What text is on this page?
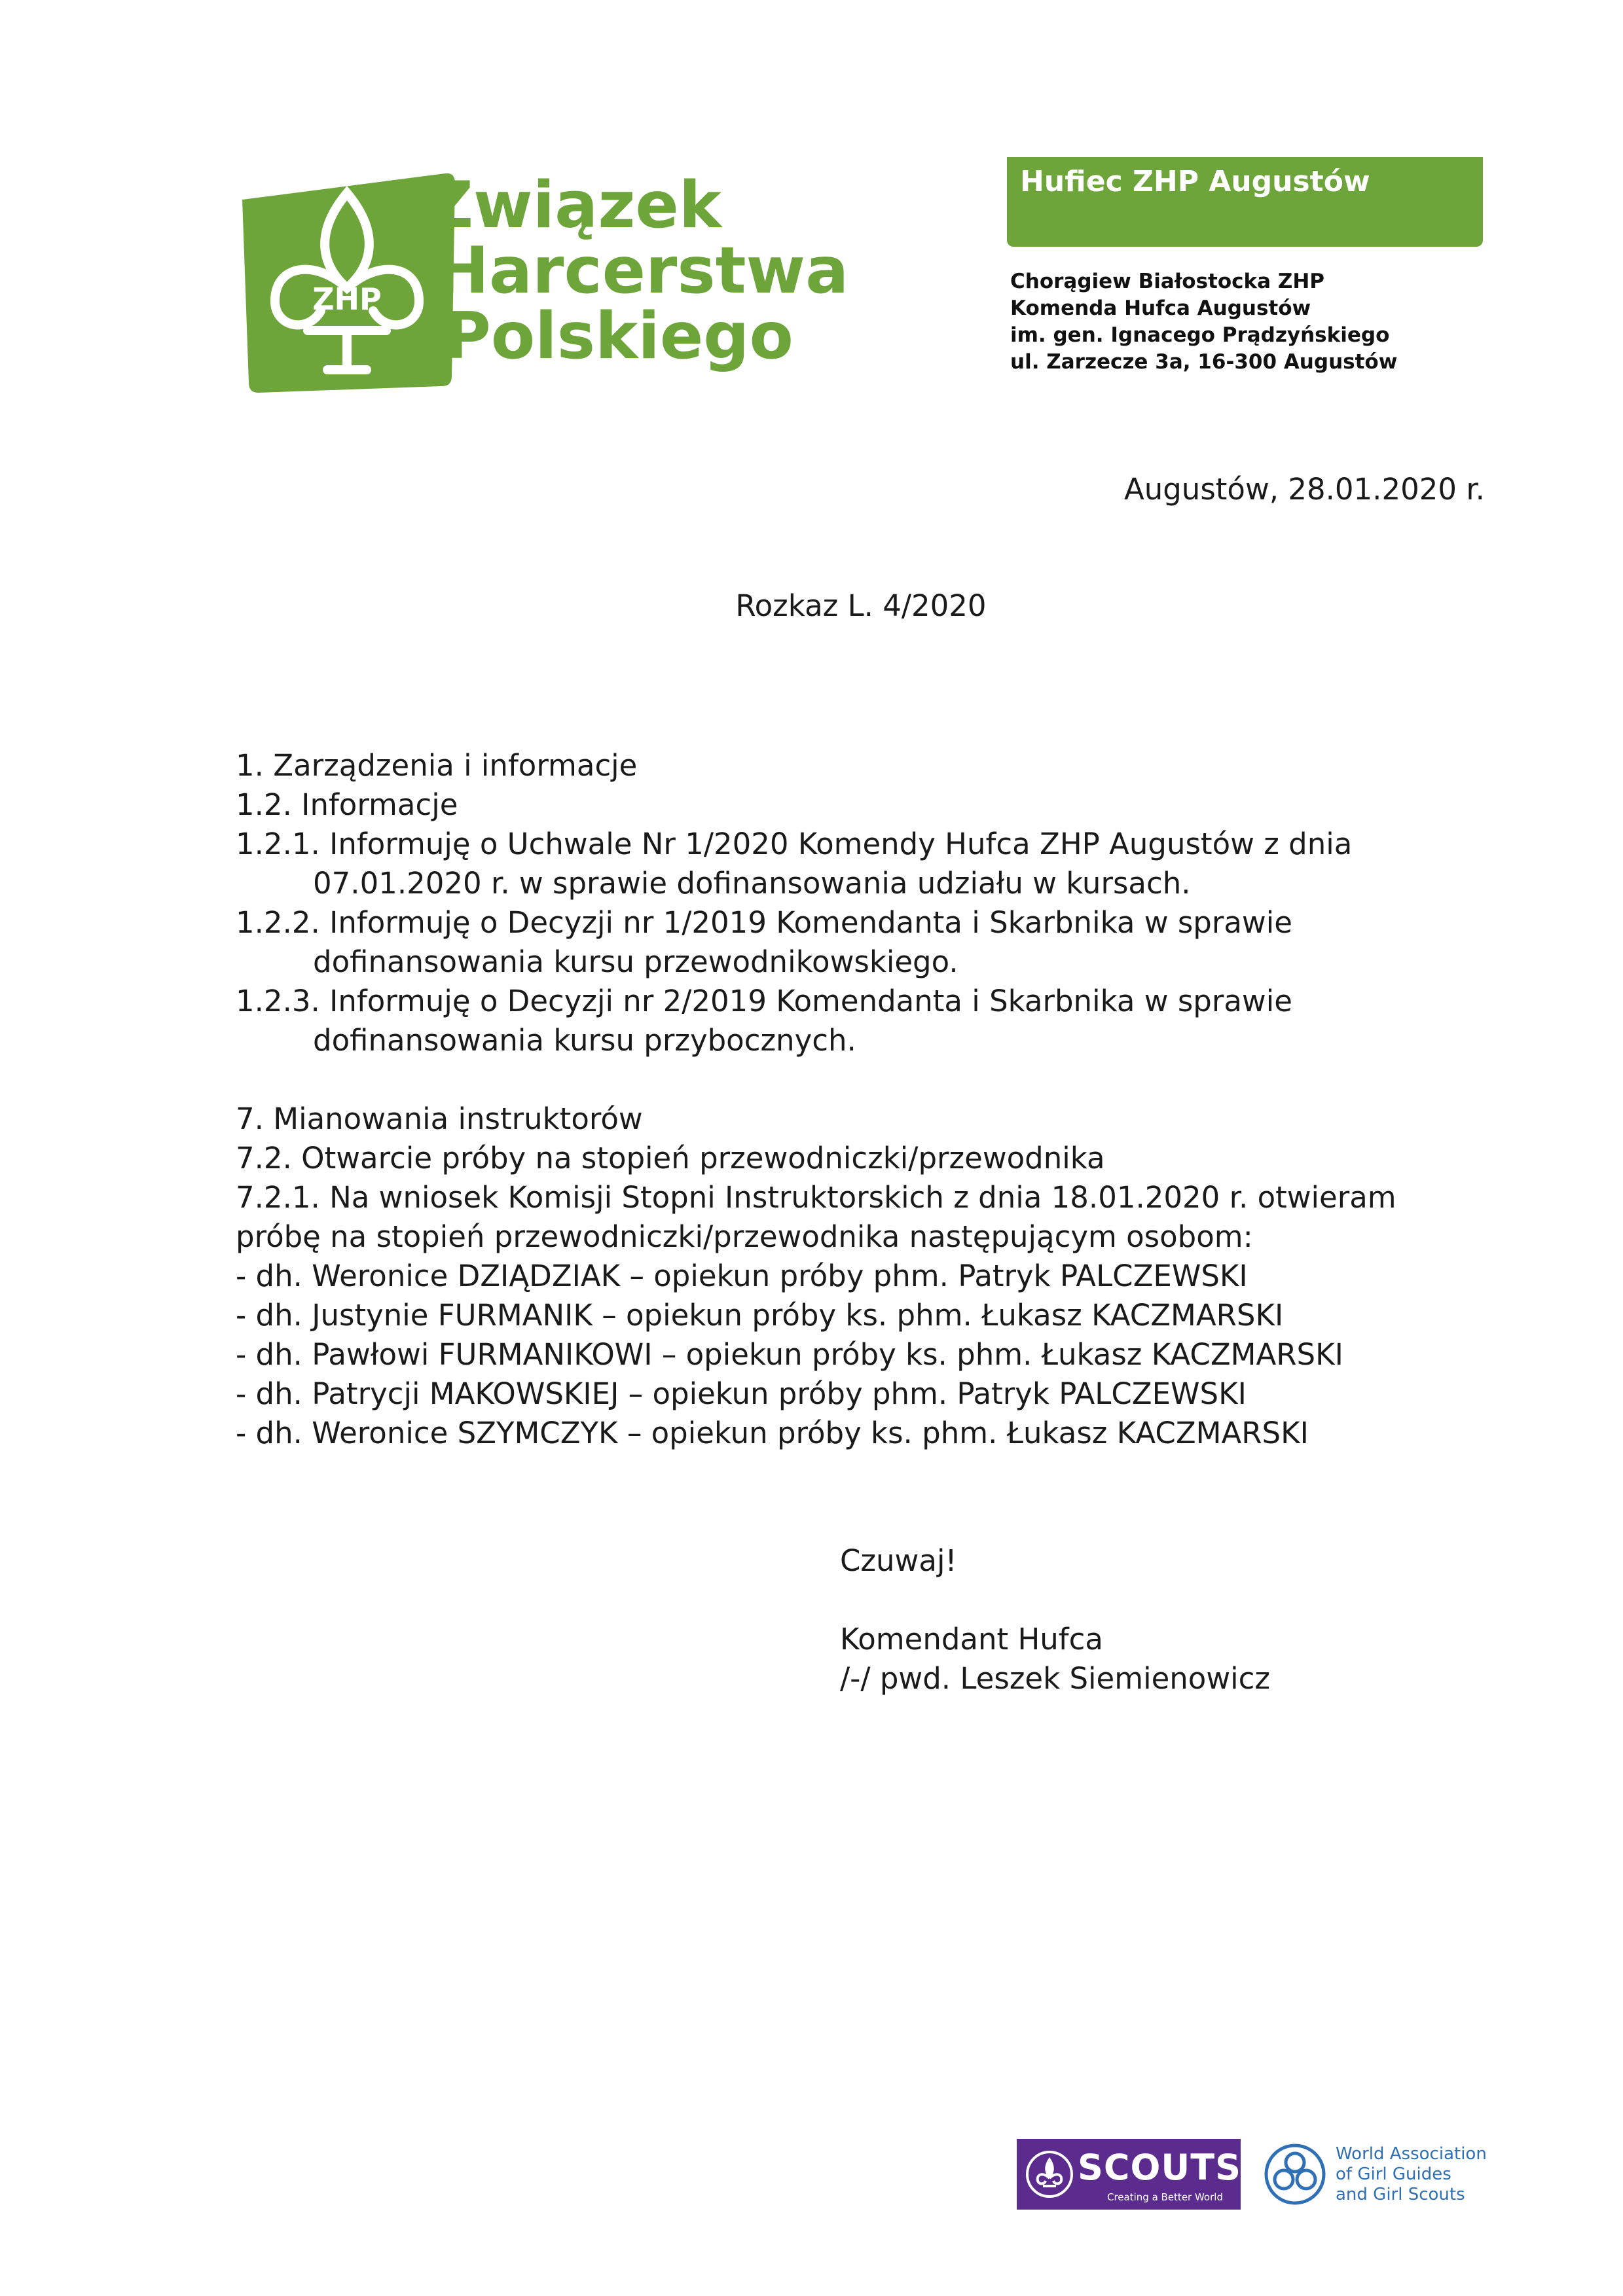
ZHP
Związek
Harcerstwa
Polskiego
Hufiec ZHP Augustów
Chorągiew Białostocka ZHP
Komenda Hufca Augustów
im. gen. Ignacego Prądzyńskiego
ul. Zarzecze 3a, 16-300 Augustów
Augustów, 28.01.2020 r.
Rozkaz L. 4/2020
1. Zarządzenia i informacje
1.2. Informacje
1.2.1. Informuję o Uchwale Nr 1/2020 Komendy Hufca ZHP Augustów z dnia
07.01.2020 r. w sprawie dofinansowania udziału w kursach.
1.2.2. Informuję o Decyzji nr 1/2019 Komendanta i Skarbnika w sprawie
dofinansowania kursu przewodnikowskiego.
1.2.3. Informuję o Decyzji nr 2/2019 Komendanta i Skarbnika w sprawie
dofinansowania kursu przybocznych.
7. Mianowania instruktorów
7.2. Otwarcie próby na stopień przewodniczki/przewodnika
7.2.1. Na wniosek Komisji Stopni Instruktorskich z dnia 18.01.2020 r. otwieram
próbę na stopień przewodniczki/przewodnika następującym osobom:
- dh. Weronice DZIĄDZIAK – opiekun próby phm. Patryk PALCZEWSKI
- dh. Justynie FURMANIK – opiekun próby ks. phm. Łukasz KACZMARSKI
- dh. Pawłowi FURMANIKOWI – opiekun próby ks. phm. Łukasz KACZMARSKI
- dh. Patrycji MAKOWSKIEJ – opiekun próby phm. Patryk PALCZEWSKI
- dh. Weronice SZYMCZYK – opiekun próby ks. phm. Łukasz KACZMARSKI
Czuwaj!
Komendant Hufca
/-/ pwd. Leszek Siemienowicz
SCOUTS
Creating a Better World
World Association
of Girl Guides
and Girl Scouts
